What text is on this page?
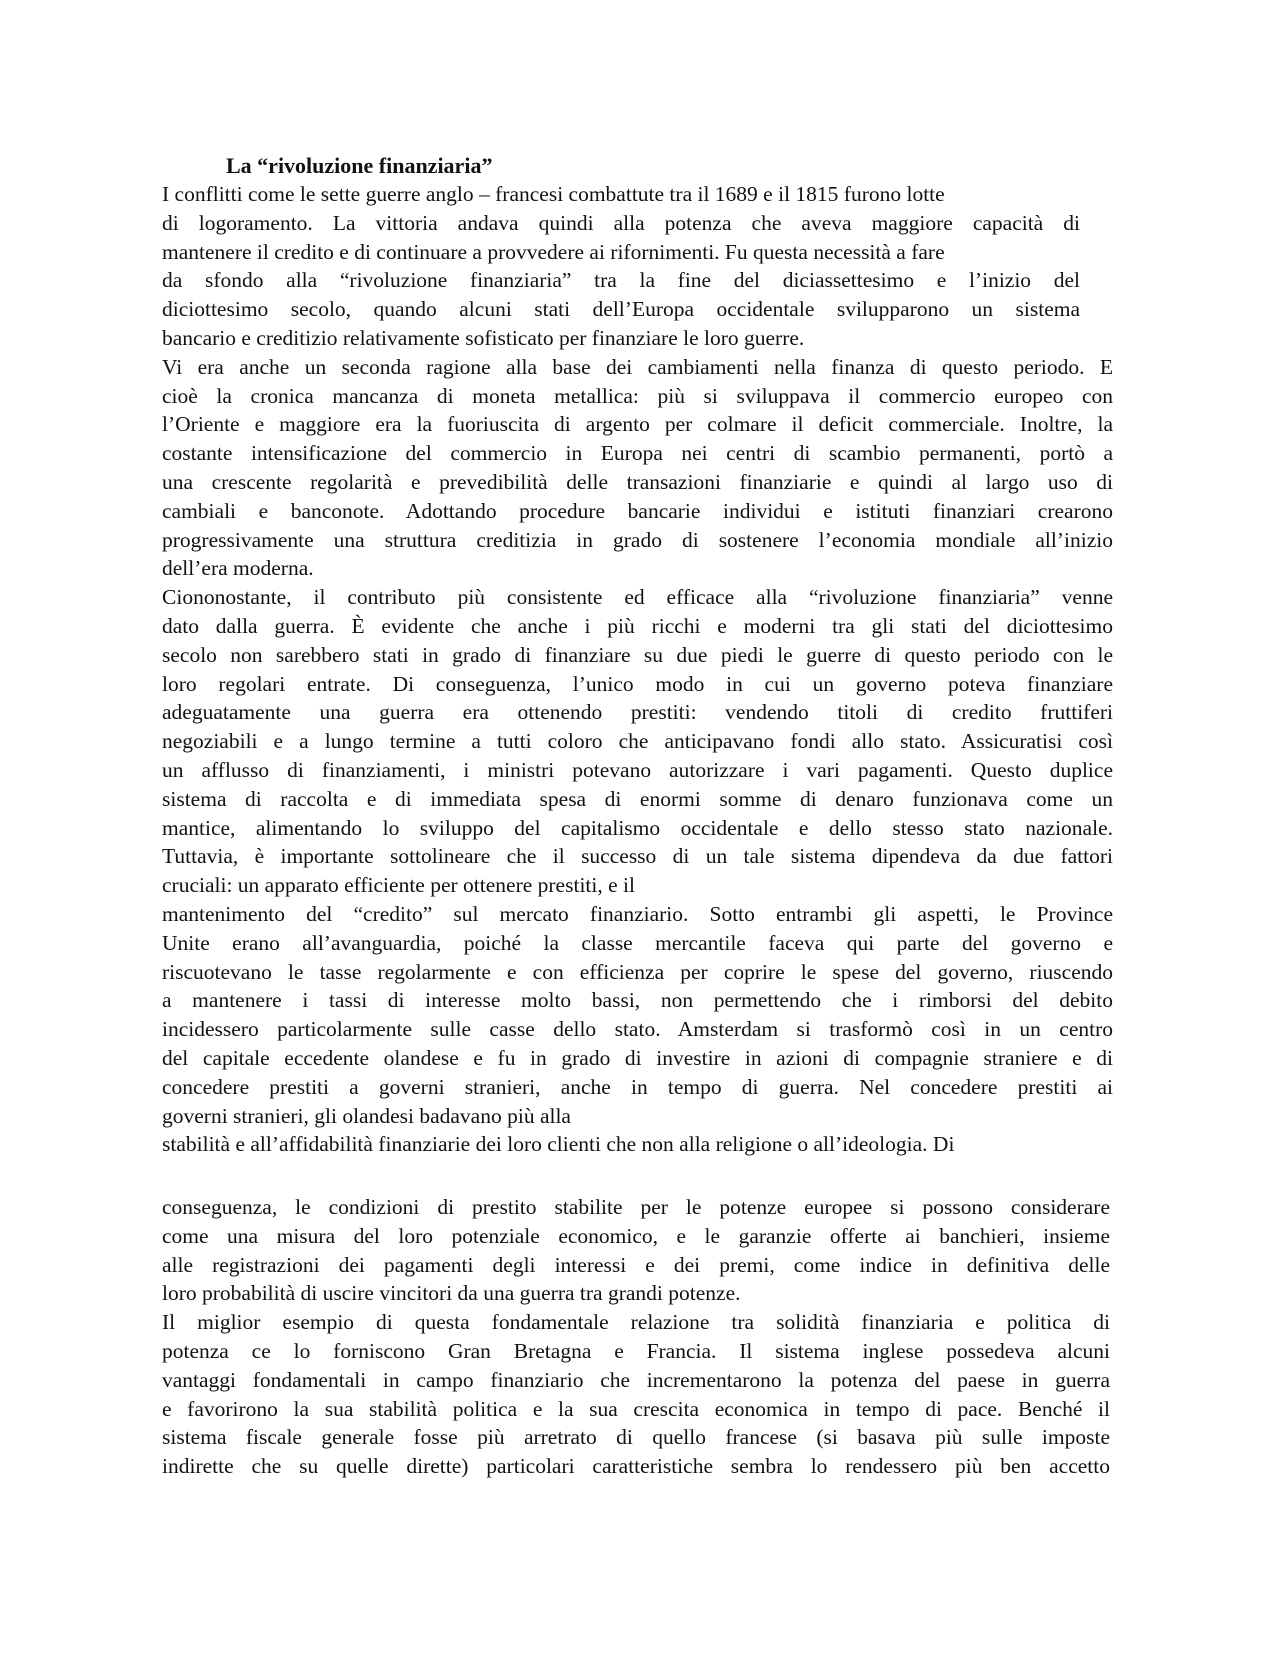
La “rivoluzione finanziaria”
I conflitti come le sette guerre anglo – francesi combattute tra il 1689 e il 1815 furono lotte
di logoramento. La vittoria andava quindi alla potenza che aveva maggiore capacità di
mantenere il credito e di continuare a provvedere ai rifornimenti. Fu questa necessità a fare
da sfondo alla “rivoluzione finanziaria” tra la fine del diciassettesimo e l’inizio del
diciottesimo secolo, quando alcuni stati dell’Europa occidentale svilupparono un sistema
bancario e creditizio relativamente sofisticato per finanziare le loro guerre.
Vi era anche un seconda ragione alla base dei cambiamenti nella finanza di questo periodo. E
cioè la cronica mancanza di moneta metallica: più si sviluppava il commercio europeo con
l’Oriente e maggiore era la fuoriuscita di argento per colmare il deficit commerciale. Inoltre, la
costante intensificazione del commercio in Europa nei centri di scambio permanenti, portò a
una crescente regolarità e prevedibilità delle transazioni finanziarie e quindi al largo uso di
cambiali e banconote. Adottando procedure bancarie individui e istituti finanziari crearono
progressivamente una struttura creditizia in grado di sostenere l’economia mondiale all’inizio
dell’era moderna.
Ciononostante, il contributo più consistente ed efficace alla “rivoluzione finanziaria” venne
dato dalla guerra. È evidente che anche i più ricchi e moderni tra gli stati del diciottesimo
secolo non sarebbero stati in grado di finanziare su due piedi le guerre di questo periodo con le
loro regolari entrate. Di conseguenza, l’unico modo in cui un governo poteva finanziare
adeguatamente una guerra era ottenendo prestiti: vendendo titoli di credito fruttiferi
negoziabili e a lungo termine a tutti coloro che anticipavano fondi allo stato. Assicuratisi così
un afflusso di finanziamenti, i ministri potevano autorizzare i vari pagamenti. Questo duplice
sistema di raccolta e di immediata spesa di enormi somme di denaro funzionava come un
mantice, alimentando lo sviluppo del capitalismo occidentale e dello stesso stato nazionale.
Tuttavia, è importante sottolineare che il successo di un tale sistema dipendeva da due fattori
cruciali: un apparato efficiente per ottenere prestiti, e il
mantenimento del “credito” sul mercato finanziario. Sotto entrambi gli aspetti, le Province
Unite erano all’avanguardia, poiché la classe mercantile faceva qui parte del governo e
riscuotevano le tasse regolarmente e con efficienza per coprire le spese del governo, riuscendo
a mantenere i tassi di interesse molto bassi, non permettendo che i rimborsi del debito
incidessero particolarmente sulle casse dello stato. Amsterdam si trasformò così in un centro
del capitale eccedente olandese e fu in grado di investire in azioni di compagnie straniere e di
concedere prestiti a governi stranieri, anche in tempo di guerra. Nel concedere prestiti ai
governi stranieri, gli olandesi badavano più alla
stabilità e all’affidabilità finanziarie dei loro clienti che non alla religione o all’ideologia. Di
conseguenza, le condizioni di prestito stabilite per le potenze europee si possono considerare
come una misura del loro potenziale economico, e le garanzie offerte ai banchieri, insieme
alle registrazioni dei pagamenti degli interessi e dei premi, come indice in definitiva delle
loro probabilità di uscire vincitori da una guerra tra grandi potenze.
Il miglior esempio di questa fondamentale relazione tra solidità finanziaria e politica di
potenza ce lo forniscono Gran Bretagna e Francia. Il sistema inglese possedeva alcuni
vantaggi fondamentali in campo finanziario che incrementarono la potenza del paese in guerra
e favorirono la sua stabilità politica e la sua crescita economica in tempo di pace. Benché il
sistema fiscale generale fosse più arretrato di quello francese (si basava più sulle imposte
indirette che su quelle dirette) particolari caratteristiche sembra lo rendessero più ben accetto
